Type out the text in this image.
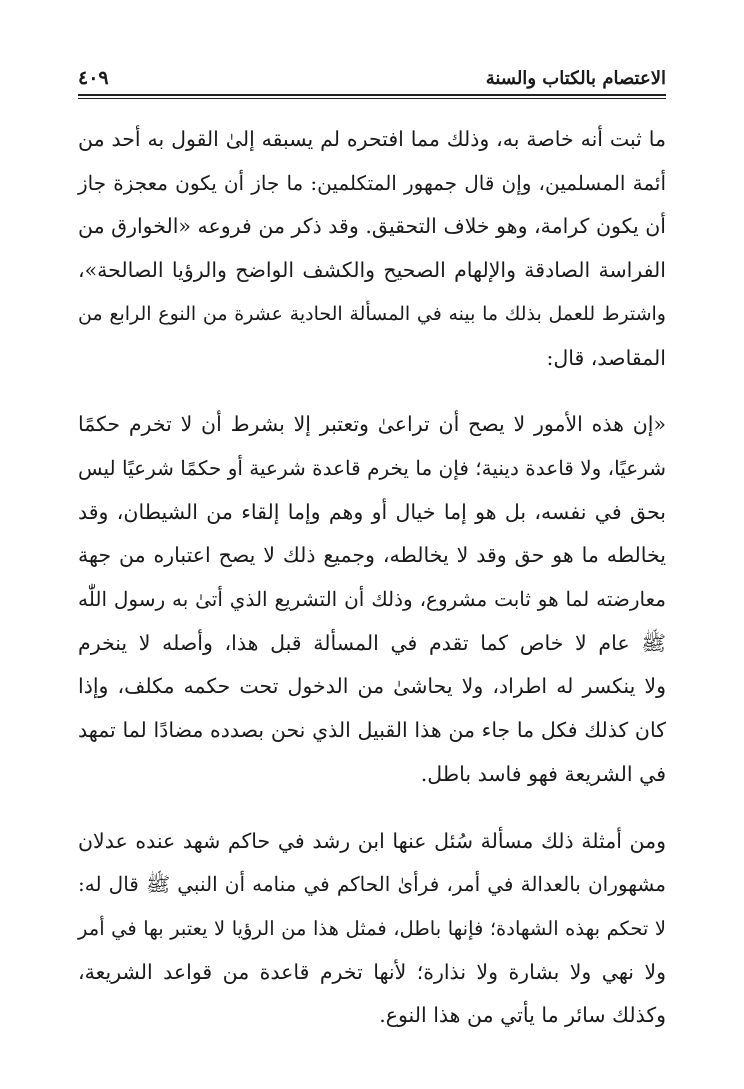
الاعتصام بالكتاب والسنة
٤٠٩

ما ثبت أنه خاصة به، وذلك مما افتحره لم يسبقه إلىٰ القول به أحد من
أئمة المسلمين، وإن قال جمهور المتكلمين: ما جاز أن يكون معجزة جاز
أن يكون كرامة، وهو خلاف التحقيق. وقد ذكر من فروعه «الخوارق من
الفراسة الصادقة والإلهام الصحيح والكشف الواضح والرؤيا الصالحة»،
واشترط للعمل بذلك ما بينه في المسألة الحادية عشرة من النوع الرابع من
المقاصد، قال:

«إن هذه الأمور لا يصح أن تراعىٰ وتعتبر إلا بشرط أن لا تخرم حكمًا
شرعيًا، ولا قاعدة دينية؛ فإن ما يخرم قاعدة شرعية أو حكمًا شرعيًا ليس
بحق في نفسه، بل هو إما خيال أو وهم وإما إلقاء من الشيطان، وقد
يخالطه ما هو حق وقد لا يخالطه، وجميع ذلك لا يصح اعتباره من جهة
معارضته لما هو ثابت مشروع، وذلك أن التشريع الذي أتىٰ به رسول اللّٰه
ﷺ عام لا خاص كما تقدم في المسألة قبل هذا، وأصله لا ينخرم
ولا ينكسر له اطراد، ولا يحاشىٰ من الدخول تحت حكمه مكلف، وإذا
كان كذلك فكل ما جاء من هذا القبيل الذي نحن بصدده مضادًا لما تمهد
في الشريعة فهو فاسد باطل.

ومن أمثلة ذلك مسألة سُئل عنها ابن رشد في حاكم شهد عنده عدلان
مشهوران بالعدالة في أمر، فرأىٰ الحاكم في منامه أن النبي ﷺ قال له:
لا تحكم بهذه الشهادة؛ فإنها باطل، فمثل هذا من الرؤيا لا يعتبر بها في أمر
ولا نهي ولا بشارة ولا نذارة؛ لأنها تخرم قاعدة من قواعد الشريعة،
وكذلك سائر ما يأتي من هذا النوع.
